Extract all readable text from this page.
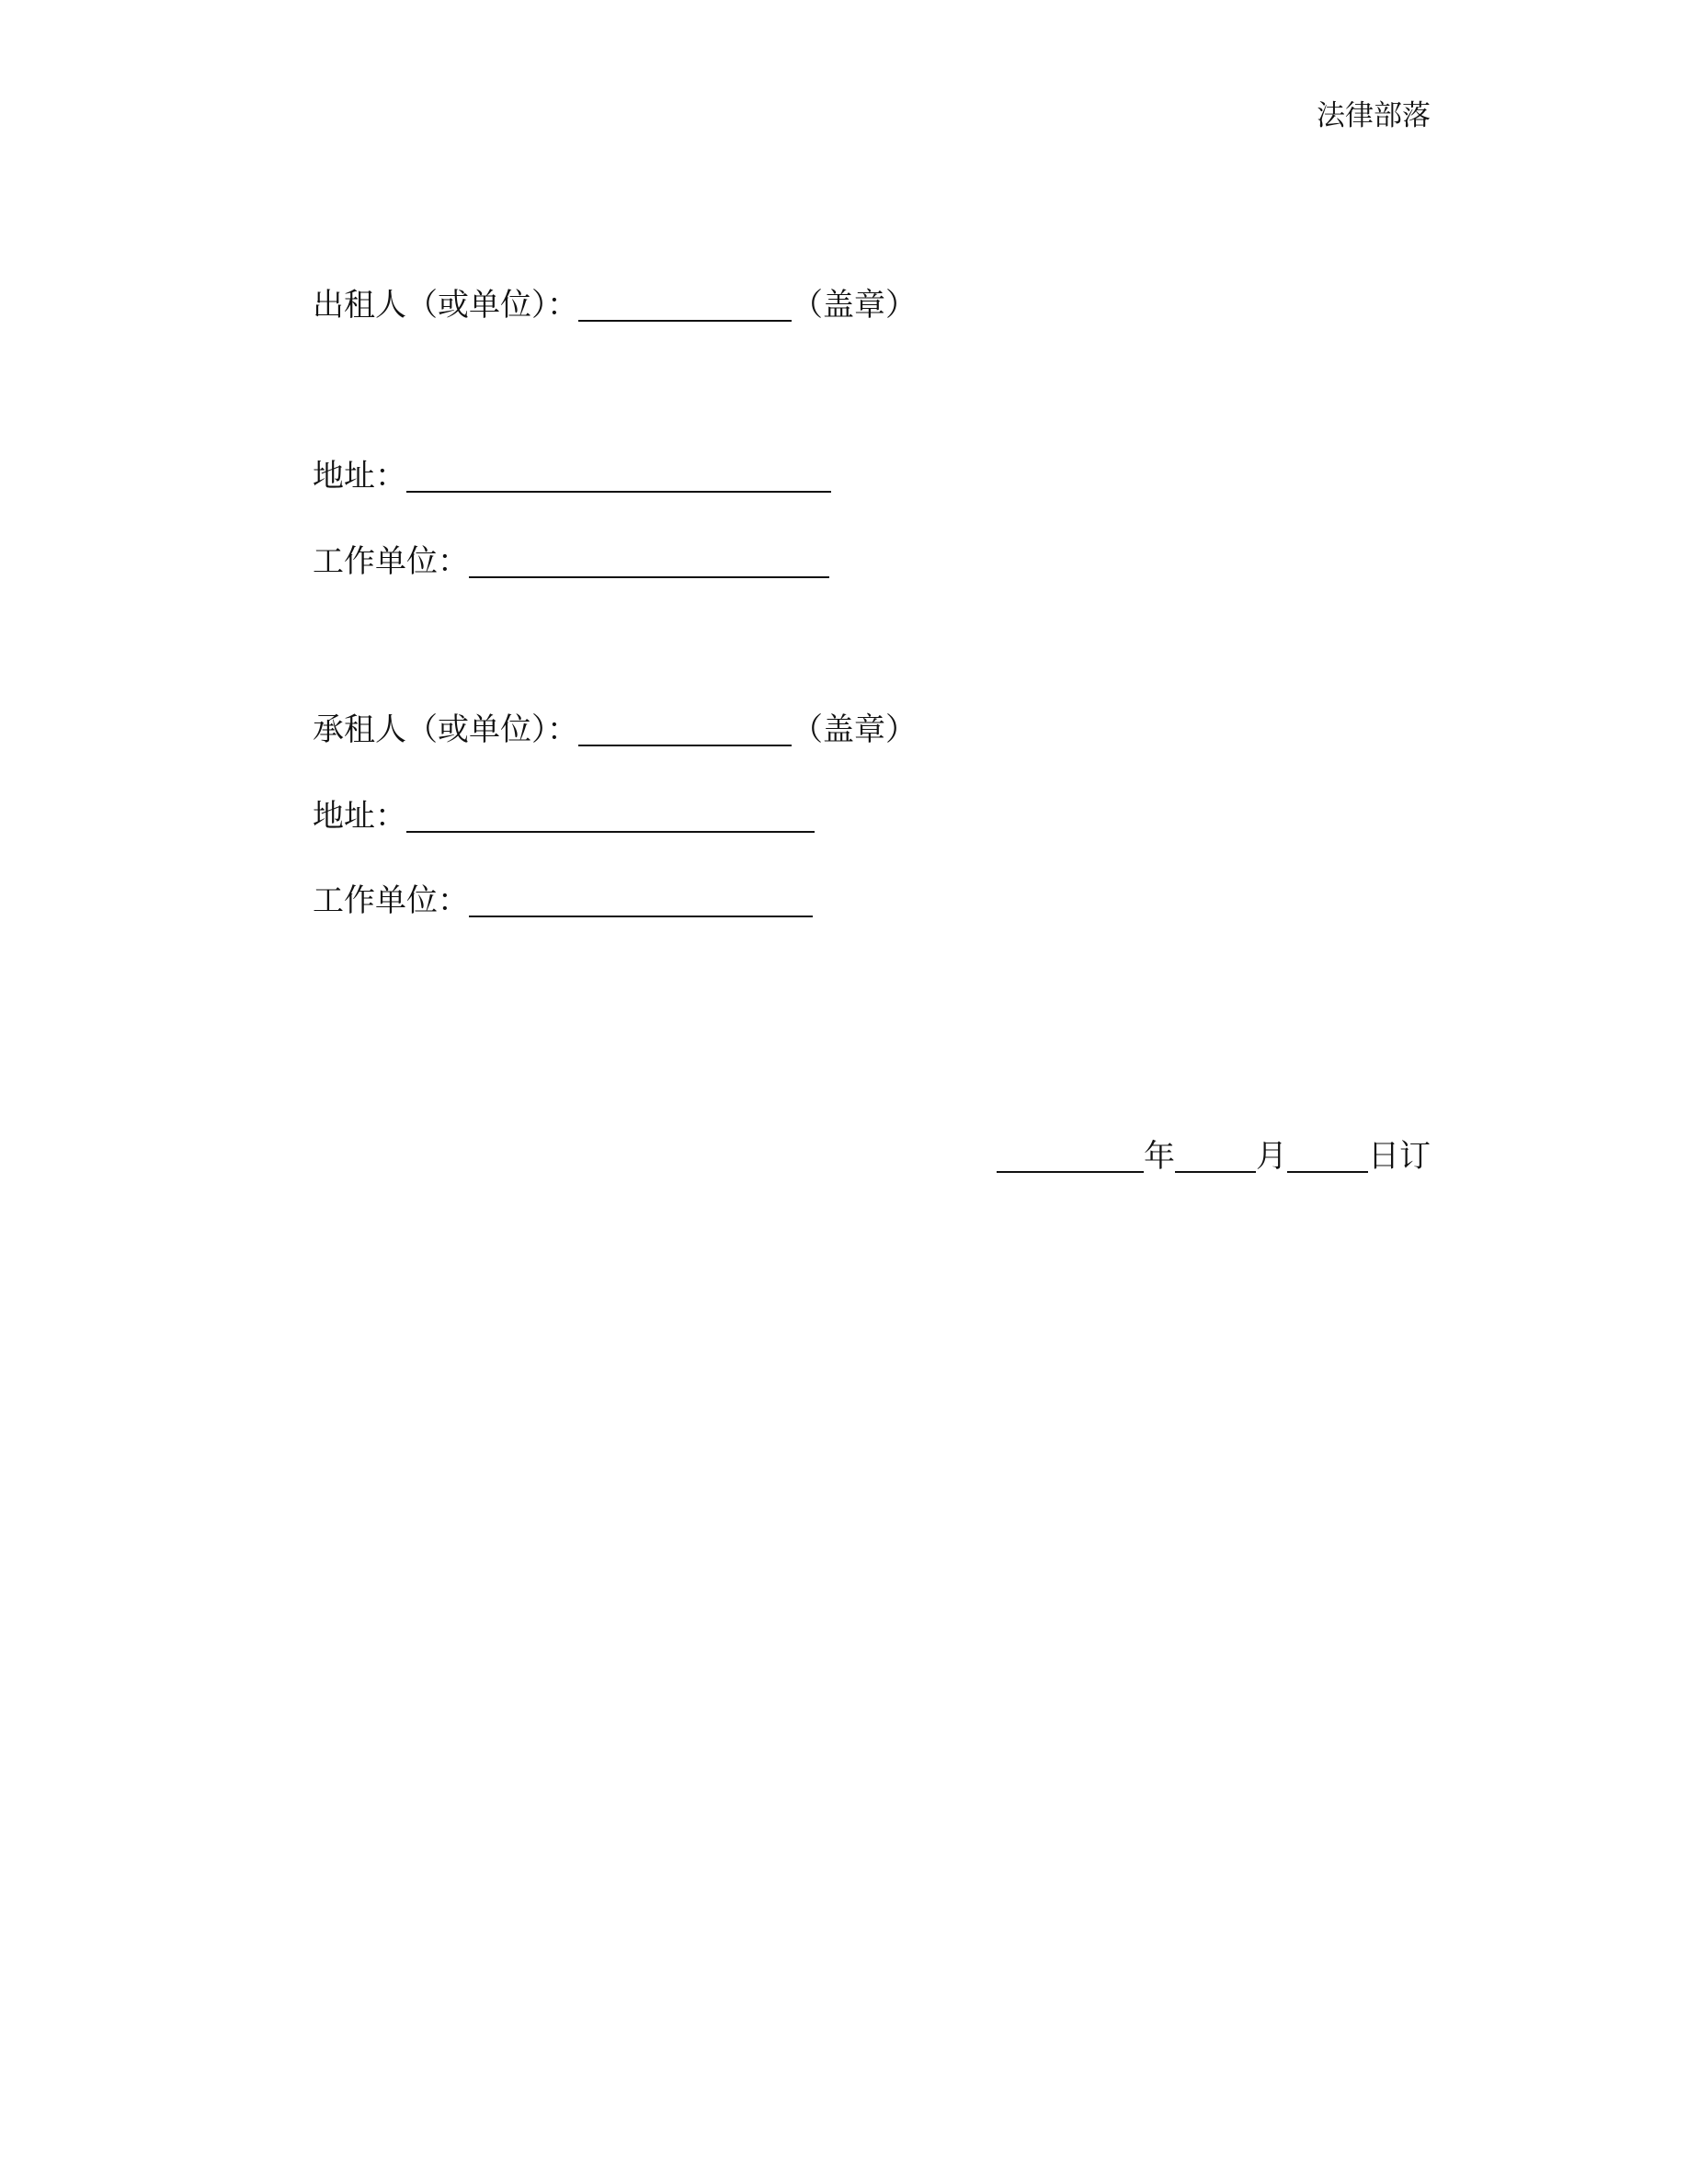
法律部落
出租人（或单位）：	（盖章）
地址：
工作单位：
承租人（或单位）：	（盖章）
地址：
工作单位：
年	月	日订
